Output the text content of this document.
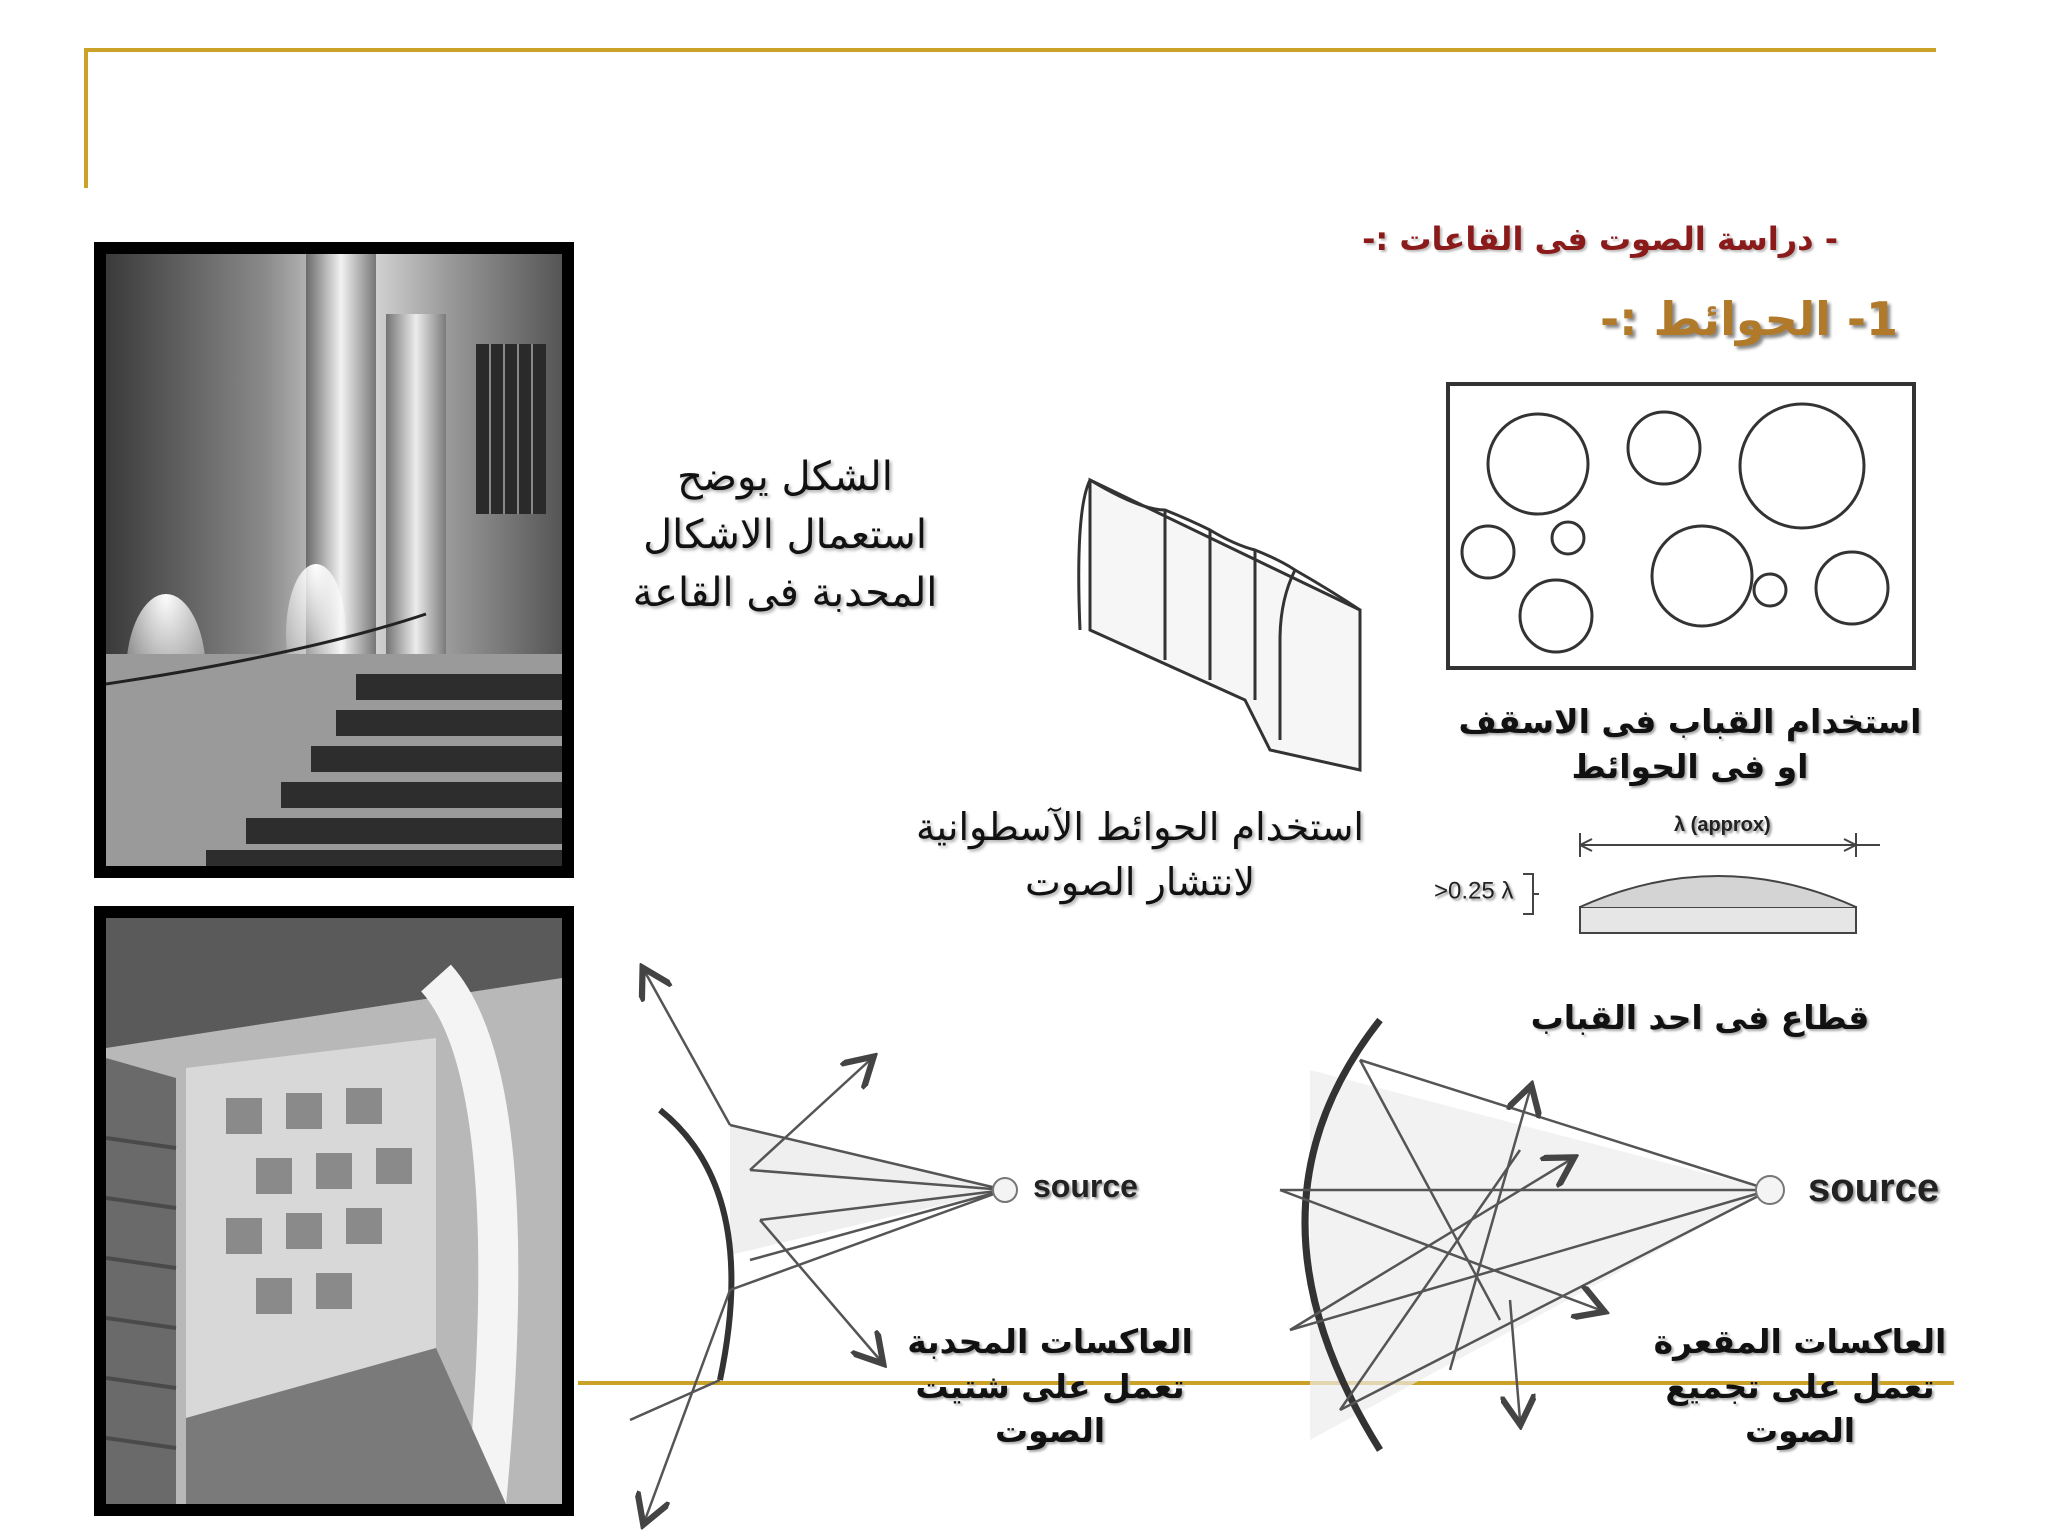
- دراسة الصوت فى القاعات :-
1- الحوائط :-
الشكل يوضح
استعمال الاشكال
المحدبة فى القاعة
استخدام الحوائط الآسطوانية
لانتشار الصوت
استخدام القباب فى الاسقف
او فى الحوائط
λ (approx)
>0.25 λ
قطاع فى احد القباب
source
العاكسات المحدبة
تعمل على شتيت
الصوت
source
العاكسات المقعرة
تعمل على تجميع
الصوت
